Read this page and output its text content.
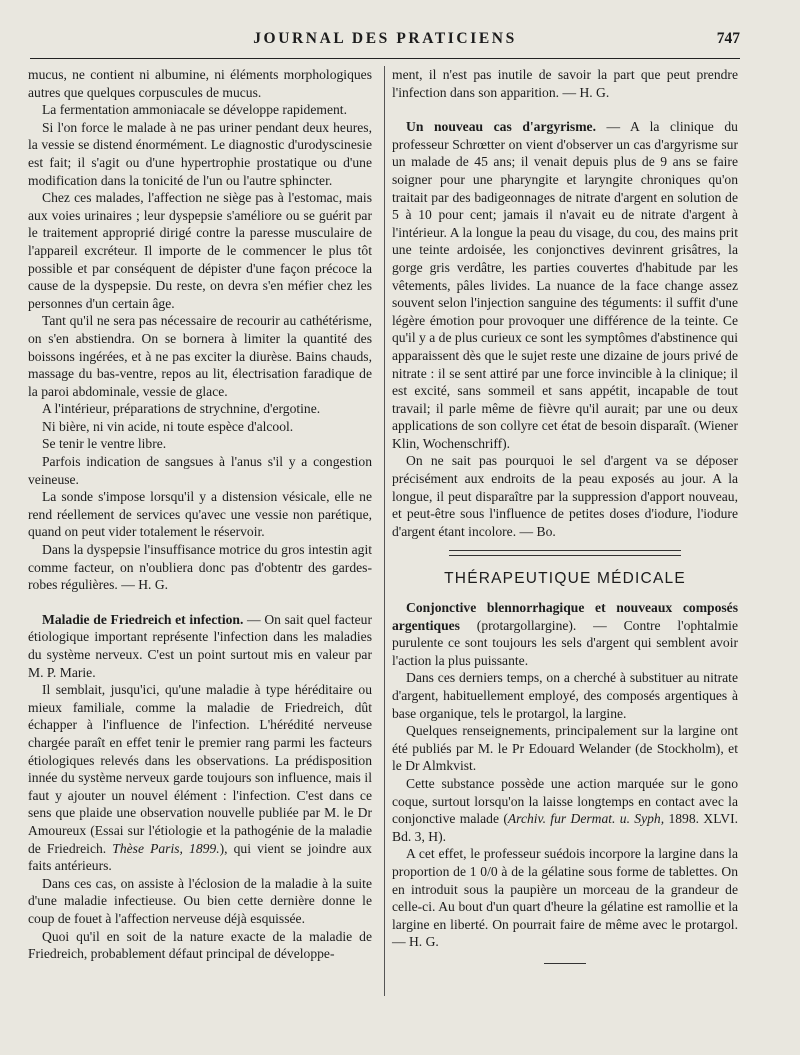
JOURNAL DES PRATICIENS	747

mucus, ne contient ni albumine, ni éléments morphologiques autres que quelques corpuscules de mucus.

La fermentation ammoniacale se développe rapidement.

Si l'on force le malade à ne pas uriner pendant deux heures, la vessie se distend énormément. Le diagnostic d'urodyscinesie est fait; il s'agit ou d'une hypertrophie prostatique ou d'une modification dans la tonicité de l'un ou l'autre sphincter.

Chez ces malades, l'affection ne siège pas à l'estomac, mais aux voies urinaires ; leur dyspepsie s'améliore ou se guérit par le traitement approprié dirigé contre la paresse musculaire de l'appareil excréteur. Il importe de le commencer le plus tôt possible et par conséquent de dépister d'une façon précoce la cause de la dyspepsie. Du reste, on devra s'en méfier chez les personnes d'un certain âge.

Tant qu'il ne sera pas nécessaire de recourir au cathétérisme, on s'en abstiendra. On se bornera à limiter la quantité des boissons ingérées, et à ne pas exciter la diurèse. Bains chauds, massage du bas-ventre, repos au lit, électrisation faradique de la paroi abdominale, vessie de glace.

A l'intérieur, préparations de strychnine, d'ergotine.

Ni bière, ni vin acide, ni toute espèce d'alcool.

Se tenir le ventre libre.

Parfois indication de sangsues à l'anus s'il y a congestion veineuse.

La sonde s'impose lorsqu'il y a distension vésicale, elle ne rend réellement de services qu'avec une vessie non parétique, quand on peut vider totalement le réservoir.

Dans la dyspepsie l'insuffisance motrice du gros intestin agit comme facteur, on n'oubliera donc pas d'obtentr des gardes-robes régulières. — H. G.

Maladie de Friedreich et infection. — On sait quel facteur étiologique important représente l'infection dans les maladies du système nerveux. C'est un point surtout mis en valeur par M. P. Marie.

Il semblait, jusqu'ici, qu'une maladie à type héréditaire ou mieux familiale, comme la maladie de Friedreich, dût échapper à l'influence de l'infection. L'hérédité nerveuse chargée paraît en effet tenir le premier rang parmi les facteurs étiologiques relevés dans les observations. La prédisposition innée du système nerveux garde toujours son influence, mais il faut y ajouter un nouvel élément : l'infection. C'est dans ce sens que plaide une observation nouvelle publiée par M. le Dr Amoureux (Essai sur l'étiologie et la pathogénie de la maladie de Friedreich. Thèse Paris, 1899.), qui vient se joindre aux faits antérieurs.

Dans ces cas, on assiste à l'éclosion de la maladie à la suite d'une maladie infectieuse. Ou bien cette dernière donne le coup de fouet à l'affection nerveuse déjà esquissée.

Quoi qu'il en soit de la nature exacte de la maladie de Friedreich, probablement défaut principal de développe-

ment, il n'est pas inutile de savoir la part que peut prendre l'infection dans son apparition. — H. G.

Un nouveau cas d'argyrisme. — A la clinique du professeur Schrœtter on vient d'observer un cas d'argyrisme sur un malade de 45 ans; il venait depuis plus de 9 ans se faire soigner pour une pharyngite et laryngite chroniques qu'on traitait par des badigeonnages de nitrate d'argent en solution de 5 à 10 pour cent; jamais il n'avait eu de nitrate d'argent à l'intérieur. A la longue la peau du visage, du cou, des mains prit une teinte ardoisée, les conjonctives devinrent grisâtres, la gorge gris verdâtre, les parties couvertes d'habitude par les vêtements, pâles livides. La nuance de la face change assez souvent selon l'injection sanguine des téguments: il suffit d'une légère émotion pour provoquer une différence de la teinte. Ce qu'il y a de plus curieux ce sont les symptômes d'abstinence qui apparaissent dès que le sujet reste une dizaine de jours privé de nitrate : il se sent attiré par une force invincible à la clinique; il est excité, sans sommeil et sans appétit, incapable de tout travail; il parle même de fièvre qu'il aurait; par une ou deux applications de son collyre cet état de besoin disparaît. (Wiener Klin, Wochenschriff).

On ne sait pas pourquoi le sel d'argent va se déposer précisément aux endroits de la peau exposés au jour. A la longue, il peut disparaître par la suppression d'apport nouveau, et peut-être sous l'influence de petites doses d'iodure, l'iodure d'argent étant incolore. — Bo.

THÉRAPEUTIQUE MÉDICALE

Conjonctive blennorrhagique et nouveaux composés argentiques (protargollargine). — Contre l'ophtalmie purulente ce sont toujours les sels d'argent qui semblent avoir l'action la plus puissante.

Dans ces derniers temps, on a cherché à substituer au nitrate d'argent, habituellement employé, des composés argentiques à base organique, tels le protargol, la largine.

Quelques renseignements, principalement sur la largine ont été publiés par M. le Pr Edouard Welander (de Stockholm), et le Dr Almkvist.

Cette substance possède une action marquée sur le gono coque, surtout lorsqu'on la laisse longtemps en contact avec la conjonctive malade (Archiv. fur Dermat. u. Syph, 1898. XLVI. Bd. 3, H).

A cet effet, le professeur suédois incorpore la largine dans la proportion de 1 0/0 à de la gélatine sous forme de tablettes. On en introduit sous la paupière un morceau de la grandeur de celle-ci. Au bout d'un quart d'heure la gélatine est ramollie et la largine en liberté. On pourrait faire de même avec le protargol. — H. G.
